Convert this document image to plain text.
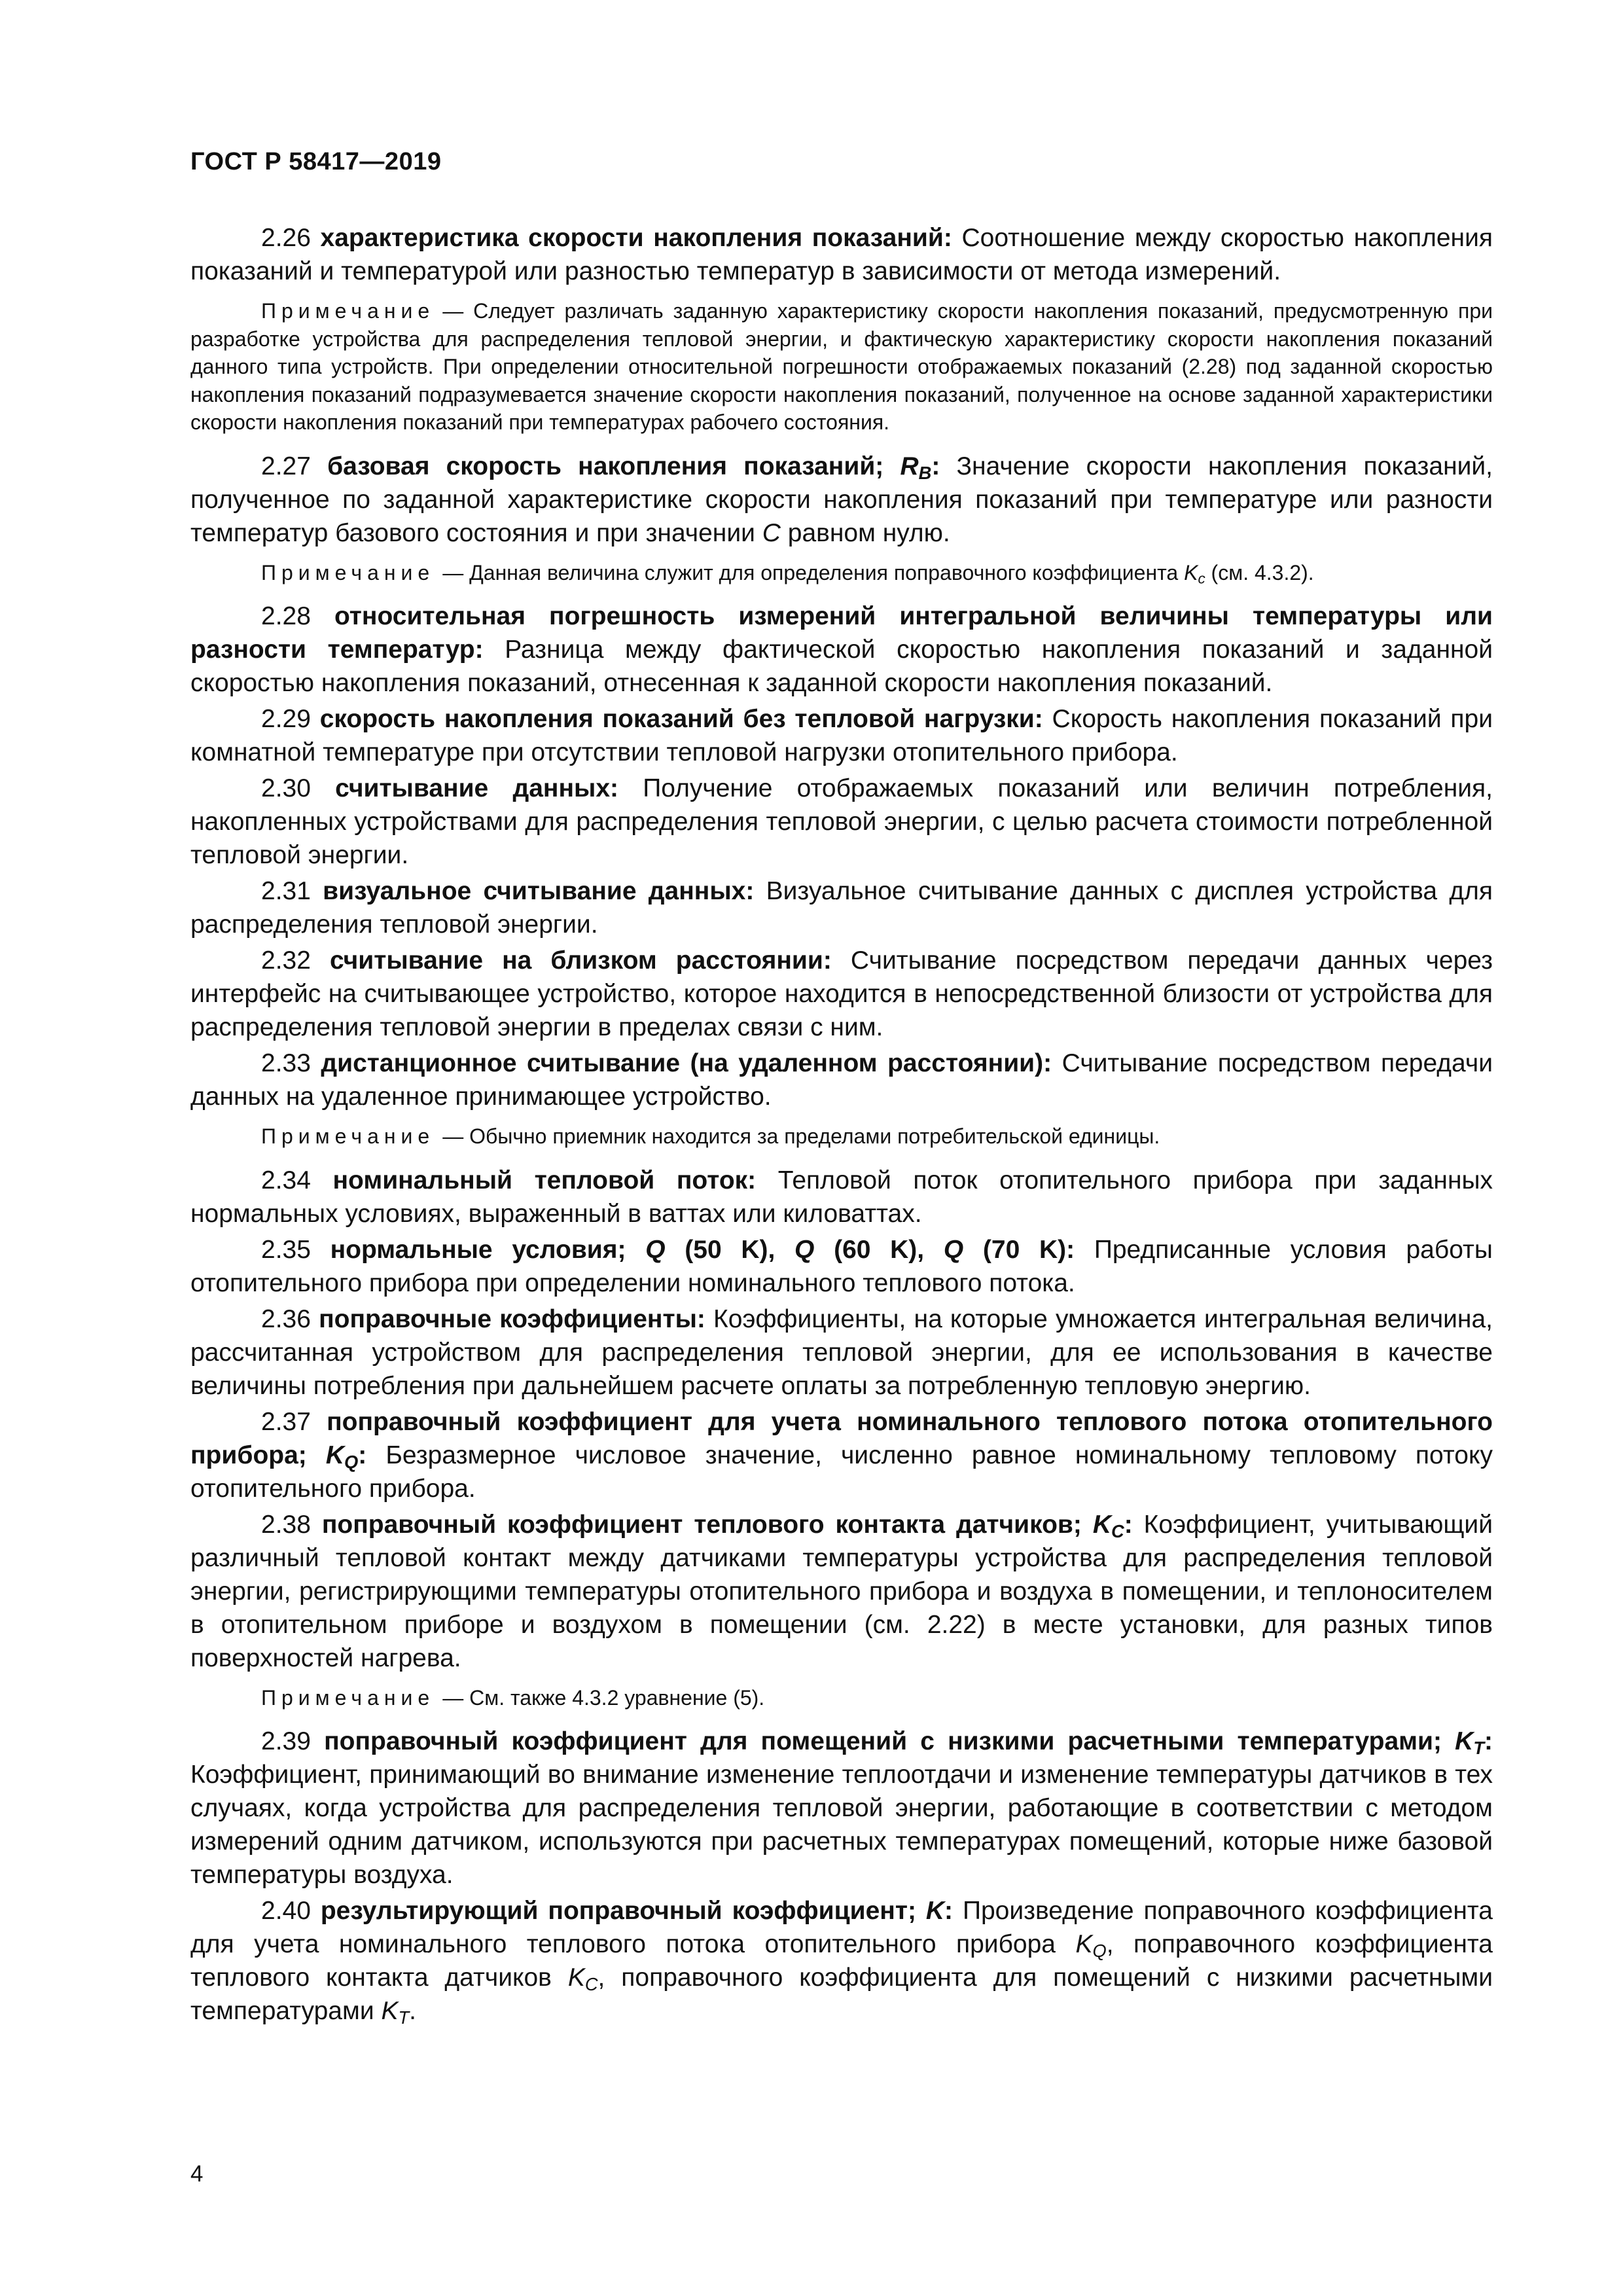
ГОСТ Р 58417—2019

2.26 характеристика скорости накопления показаний: Соотношение между скоростью накопления показаний и температурой или разностью температур в зависимости от метода измерений.

Примечание — Следует различать заданную характеристику скорости накопления показаний, предусмотренную при разработке устройства для распределения тепловой энергии, и фактическую характеристику скорости накопления показаний данного типа устройств. При определении относительной погрешности отображаемых показаний (2.28) под заданной скоростью накопления показаний подразумевается значение скорости накопления показаний, полученное на основе заданной характеристики скорости накопления показаний при температурах рабочего состояния.

2.27 базовая скорость накопления показаний; $R_B$: Значение скорости накопления показаний, полученное по заданной характеристике скорости накопления показаний при температуре или разности температур базового состояния и при значении C равном нулю.

Примечание — Данная величина служит для определения поправочного коэффициента $K_c$ (см. 4.3.2).

2.28 относительная погрешность измерений интегральной величины температуры или разности температур: Разница между фактической скоростью накопления показаний и заданной скоростью накопления показаний, отнесенная к заданной скорости накопления показаний.

2.29 скорость накопления показаний без тепловой нагрузки: Скорость накопления показаний при комнатной температуре при отсутствии тепловой нагрузки отопительного прибора.

2.30 считывание данных: Получение отображаемых показаний или величин потребления, накопленных устройствами для распределения тепловой энергии, с целью расчета стоимости потребленной тепловой энергии.

2.31 визуальное считывание данных: Визуальное считывание данных с дисплея устройства для распределения тепловой энергии.

2.32 считывание на близком расстоянии: Считывание посредством передачи данных через интерфейс на считывающее устройство, которое находится в непосредственной близости от устройства для распределения тепловой энергии в пределах связи с ним.

2.33 дистанционное считывание (на удаленном расстоянии): Считывание посредством передачи данных на удаленное принимающее устройство.

Примечание — Обычно приемник находится за пределами потребительской единицы.

2.34 номинальный тепловой поток: Тепловой поток отопительного прибора при заданных нормальных условиях, выраженный в ваттах или киловаттах.

2.35 нормальные условия; Q (50 K), Q (60 K), Q (70 K): Предписанные условия работы отопительного прибора при определении номинального теплового потока.

2.36 поправочные коэффициенты: Коэффициенты, на которые умножается интегральная величина, рассчитанная устройством для распределения тепловой энергии, для ее использования в качестве величины потребления при дальнейшем расчете оплаты за потребленную тепловую энергию.

2.37 поправочный коэффициент для учета номинального теплового потока отопительного прибора; $K_Q$: Безразмерное числовое значение, численно равное номинальному тепловому потоку отопительного прибора.

2.38 поправочный коэффициент теплового контакта датчиков; $K_C$: Коэффициент, учитывающий различный тепловой контакт между датчиками температуры устройства для распределения тепловой энергии, регистрирующими температуры отопительного прибора и воздуха в помещении, и теплоносителем в отопительном приборе и воздухом в помещении (см. 2.22) в месте установки, для разных типов поверхностей нагрева.

Примечание — См. также 4.3.2 уравнение (5).

2.39 поправочный коэффициент для помещений с низкими расчетными температурами; $K_T$: Коэффициент, принимающий во внимание изменение теплоотдачи и изменение температуры датчиков в тех случаях, когда устройства для распределения тепловой энергии, работающие в соответствии с методом измерений одним датчиком, используются при расчетных температурах помещений, которые ниже базовой температуры воздуха.

2.40 результирующий поправочный коэффициент; K: Произведение поправочного коэффициента для учета номинального теплового потока отопительного прибора $K_Q$, поправочного коэффициента теплового контакта датчиков $K_C$, поправочного коэффициента для помещений с низкими расчетными температурами $K_T$.

4
